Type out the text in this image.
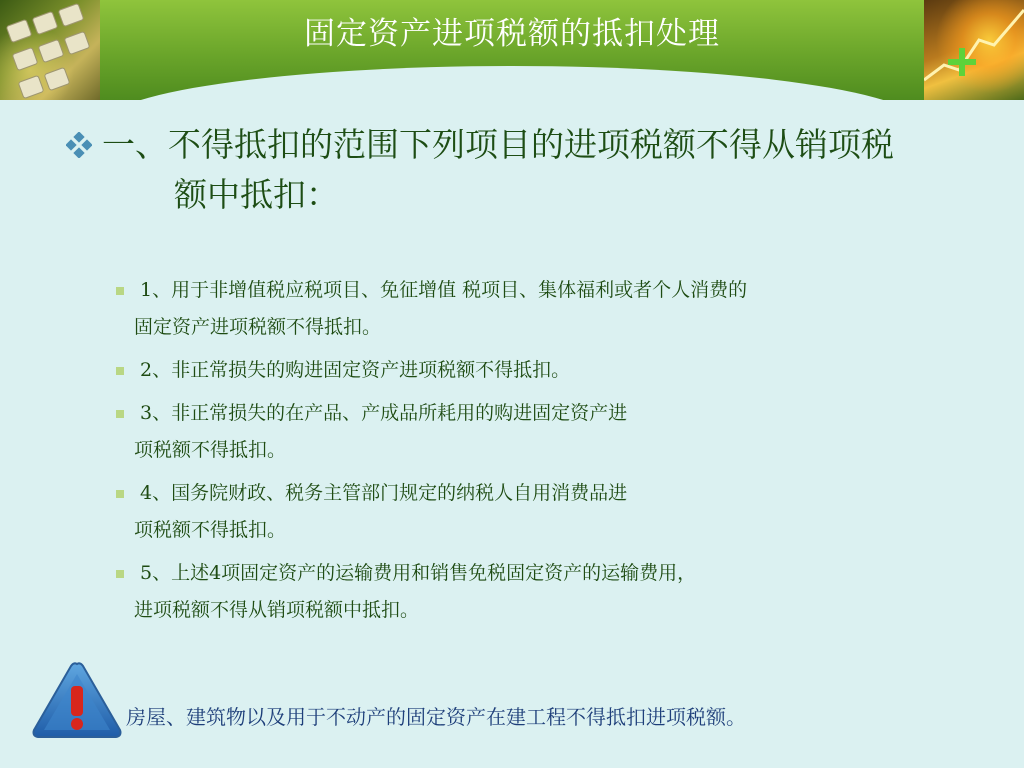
固定资产进项税额的抵扣处理
一、不得抵扣的范围下列项目的进项税额不得从销项税
额中抵扣：
1、用于非增值税应税项目、免征增值 税项目、集体福利或者个人消费的
固定资产进项税额不得抵扣。
2、非正常损失的购进固定资产进项税额不得抵扣。
3、非正常损失的在产品、产成品所耗用的购进固定资产进
项税额不得抵扣。
4、国务院财政、税务主管部门规定的纳税人自用消费品进
项税额不得抵扣。
5、上述4项固定资产的运输费用和销售免税固定资产的运输费用，
进项税额不得从销项税额中抵扣。
房屋、建筑物以及用于不动产的固定资产在建工程不得抵扣进项税额。
